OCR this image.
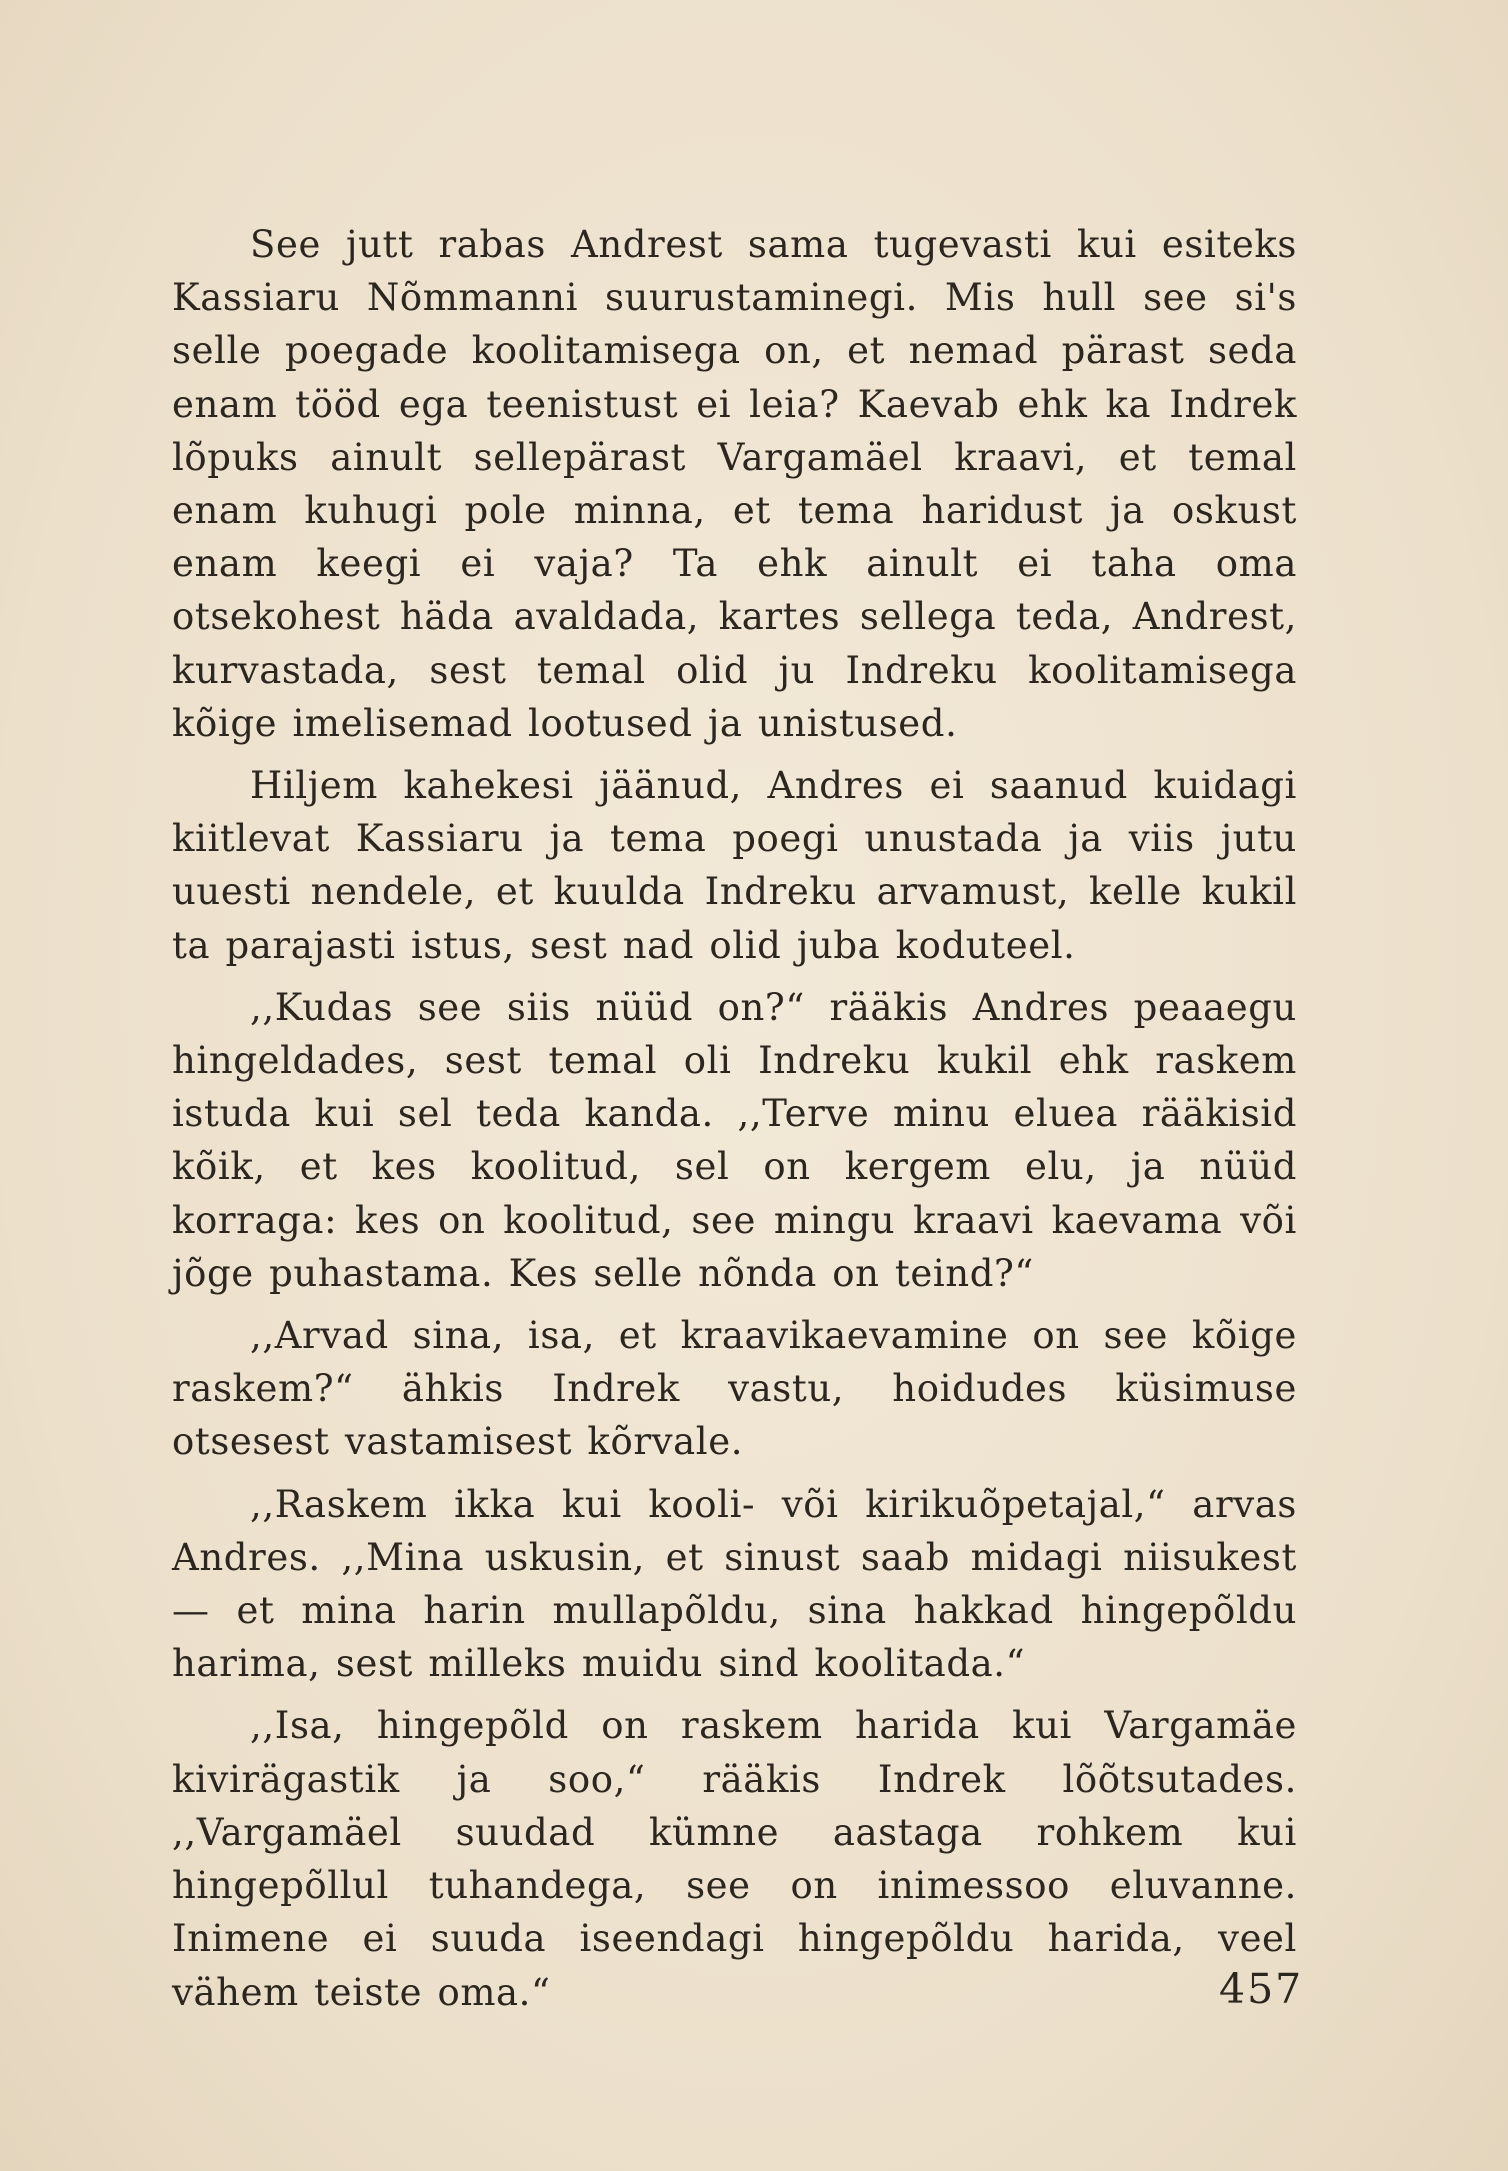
See jutt rabas Andrest sama tugevasti kui esiteks Kassiaru Nõmmanni suurustaminegi. Mis hull see si's selle poegade koolitamisega on, et nemad pärast seda enam tööd ega teenistust ei leia? Kaevab ehk ka Indrek lõpuks ainult sellepärast Vargamäel kraavi, et temal enam kuhugi pole minna, et tema haridust ja oskust enam keegi ei vaja? Ta ehk ainult ei taha oma otsekohest häda avaldada, kartes sellega teda, Andrest, kurvastada, sest temal olid ju Indreku koolitamisega kõige imelisemad lootused ja unistused.

Hiljem kahekesi jäänud, Andres ei saanud kuidagi kiitlevat Kassiaru ja tema poegi unustada ja viis jutu uuesti nendele, et kuulda Indreku arvamust, kelle kukil ta parajasti istus, sest nad olid juba koduteel.

,,Kudas see siis nüüd on?“ rääkis Andres peaaegu hingeldades, sest temal oli Indreku kukil ehk raskem istuda kui sel teda kanda. ,,Terve minu eluea rääkisid kõik, et kes koolitud, sel on kergem elu, ja nüüd korraga: kes on koolitud, see mingu kraavi kaevama või jõge puhastama. Kes selle nõnda on teind?“

,,Arvad sina, isa, et kraavikaevamine on see kõige raskem?“ ähkis Indrek vastu, hoidudes küsimuse otsesest vastamisest kõrvale.

,,Raskem ikka kui kooli- või kirikuõpetajal,“ arvas Andres. ,,Mina uskusin, et sinust saab midagi niisukest — et mina harin mullapõldu, sina hakkad hingepõldu harima, sest milleks muidu sind koolitada.“

,,Isa, hingepõld on raskem harida kui Vargamäe kivirägastik ja soo,“ rääkis Indrek lõõtsutades. ,,Vargamäel suudad kümne aastaga rohkem kui hingepõllul tuhandega, see on inimessoo eluvanne. Inimene ei suuda iseendagi hingepõldu harida, veel vähem teiste oma.“	457
